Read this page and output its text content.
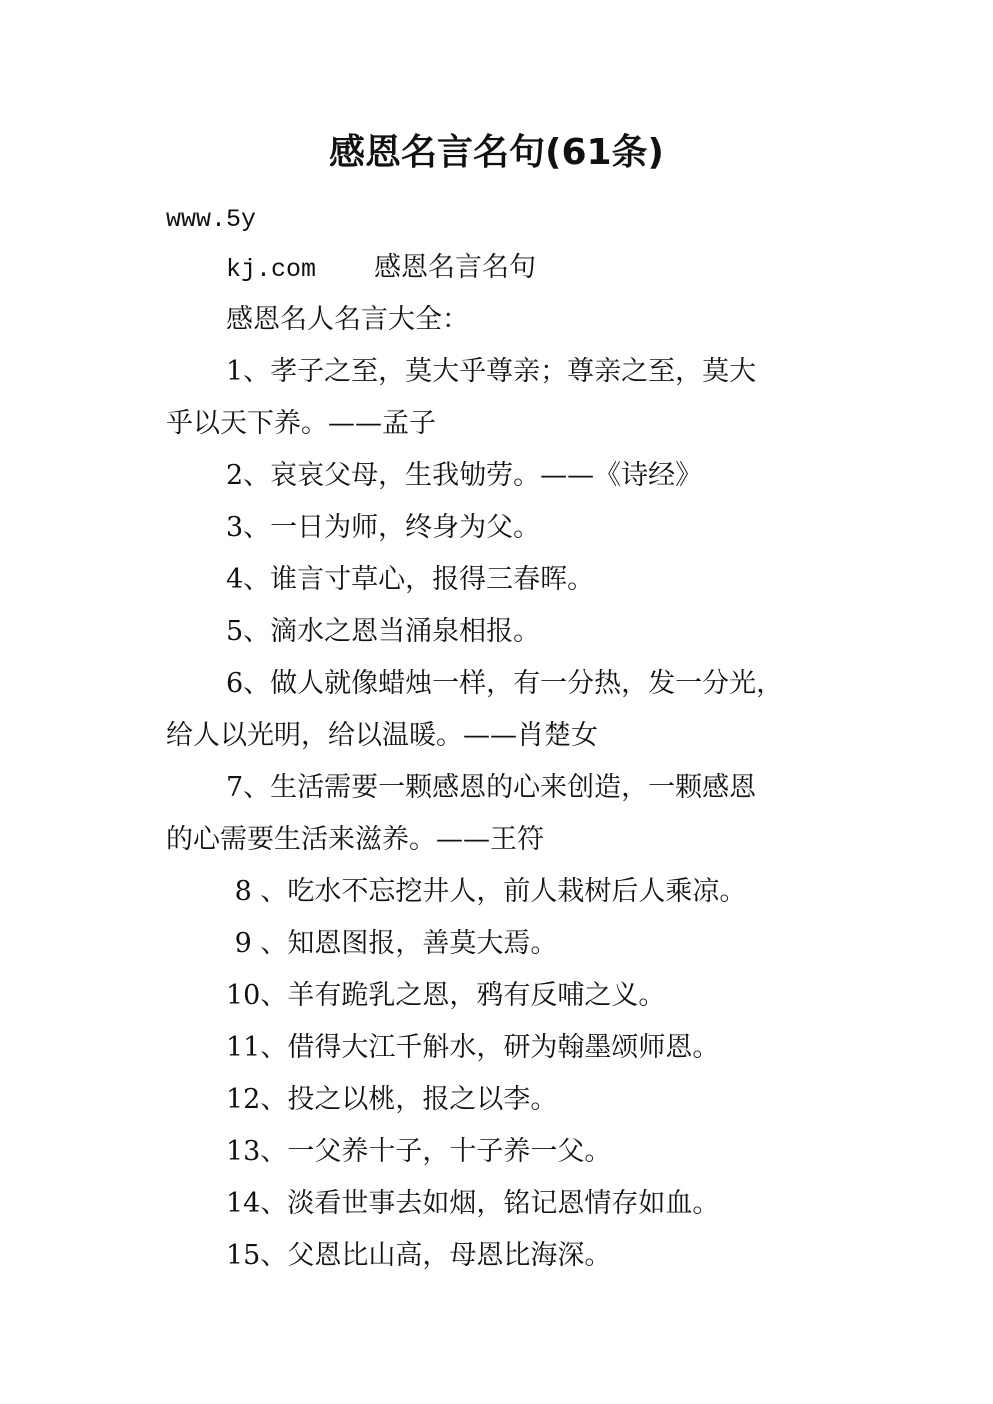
感恩名言名句(61条)
www.5y
kj.com 感恩名言名句
感恩名人名言大全：
1、孝子之至，莫大乎尊亲；尊亲之至，莫大
乎以天下养。——孟子
2、哀哀父母，生我劬劳。——《诗经》
3、一日为师，终身为父。
4、谁言寸草心，报得三春晖。
5、滴水之恩当涌泉相报。
6、做人就像蜡烛一样，有一分热，发一分光，
给人以光明，给以温暖。——肖楚女
7、生活需要一颗感恩的心来创造，一颗感恩
的心需要生活来滋养。——王符
8 、吃水不忘挖井人，前人栽树后人乘凉。
9 、知恩图报，善莫大焉。
10、羊有跪乳之恩，鸦有反哺之义。
11、借得大江千斛水，研为翰墨颂师恩。
12、投之以桃，报之以李。
13、一父养十子，十子养一父。
14、淡看世事去如烟，铭记恩情存如血。
15、父恩比山高，母恩比海深。
